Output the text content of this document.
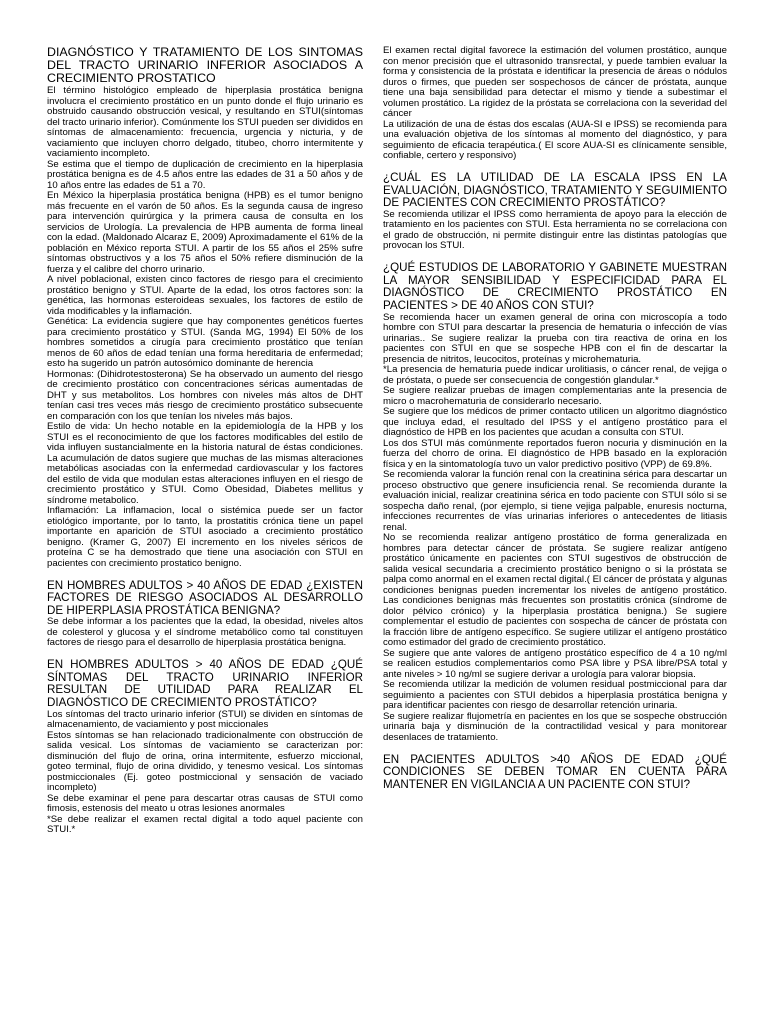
DIAGNÓSTICO Y TRATAMIENTO DE LOS SINTOMAS DEL TRACTO URINARIO INFERIOR ASOCIADOS A CRECIMIENTO PROSTATICO

El término histológico empleado de hiperplasia prostática benigna involucra el crecimiento prostático en un punto donde el flujo urinario es obstruido causando obstrucción vesical, y resultando en STUI(síntomas del tracto urinario inferior). Comúnmente los STUI pueden ser divididos en síntomas de almacenamiento: frecuencia, urgencia y nicturia, y de vaciamiento que incluyen chorro delgado, titubeo, chorro intermitente y vaciamiento incompleto.

Se estima que el tiempo de duplicación de crecimiento en la hiperplasia prostática benigna es de 4.5 años entre las edades de 31 a 50 años y de 10 años entre las edades de 51 a 70.

En México la hiperplasia prostática benigna (HPB) es el tumor benigno más frecuente en el varón de 50 años. Es la segunda causa de ingreso para intervención quirúrgica y la primera causa de consulta en los servicios de Urología. La prevalencia de HPB aumenta de forma lineal con la edad. (Maldonado Alcaraz E, 2009) Aproximadamente el 61% de la población en México reporta STUI. A partir de los 55 años el 25% sufre síntomas obstructivos y a los 75 años el 50% refiere disminución de la fuerza y el calibre del chorro urinario.

A nivel poblacional, existen cinco factores de riesgo para el crecimiento prostático benigno y STUI. Aparte de la edad, los otros factores son: la genética, las hormonas esteroideas sexuales, los factores de estilo de vida modificables y la inflamación.

Genética: La evidencia sugiere que hay componentes genéticos fuertes para crecimiento prostático y STUI. (Sanda MG, 1994) El 50% de los hombres sometidos a cirugía para crecimiento prostático que tenían menos de 60 años de edad tenían una forma hereditaria de enfermedad; esto ha sugerido un patrón autosómico dominante de herencia

Hormonas: (Dihidrotestosterona) Se ha observado un aumento del riesgo de crecimiento prostático con concentraciones séricas aumentadas de DHT y sus metabolitos. Los hombres con niveles más altos de DHT tenían casi tres veces más riesgo de crecimiento prostático subsecuente en comparación con los que tenían los niveles más bajos.

Estilo de vida: Un hecho notable en la epidemiología de la HPB y los STUI es el reconocimiento de que los factores modificables del estilo de vida influyen sustancialmente en la historia natural de éstas condiciones. La acumulación de datos sugiere que muchas de las mismas alteraciones metabólicas asociadas con la enfermedad cardiovascular y los factores del estilo de vida que modulan estas alteraciones influyen en el riesgo de crecimiento prostático y STUI. Como Obesidad, Diabetes mellitus y síndrome metabolico.

Inflamación: La inflamacion, local o sistémica puede ser un factor etiológico importante, por lo tanto, la prostatitis crónica tiene un papel importante en aparición de STUI asociado a crecimiento prostático benigno. (Kramer G, 2007) El incremento en los niveles séricos de proteína C se ha demostrado que tiene una asociación con STUI en pacientes con crecimiento prostatico benigno.

EN HOMBRES ADULTOS > 40 AÑOS DE EDAD ¿EXISTEN FACTORES DE RIESGO ASOCIADOS AL DESARROLLO DE HIPERPLASIA PROSTÁTICA BENIGNA?

Se debe informar a los pacientes que la edad, la obesidad, niveles altos de colesterol y glucosa y el síndrome metabólico como tal constituyen factores de riesgo para el desarrollo de hiperplasia prostática benigna.

EN HOMBRES ADULTOS > 40 AÑOS DE EDAD ¿QUÉ SÍNTOMAS DEL TRACTO URINARIO INFERIOR RESULTAN DE UTILIDAD PARA REALIZAR EL DIAGNÓSTICO DE CRECIMIENTO PROSTÁTICO?

Los síntomas del tracto urinario inferior (STUI) se dividen en síntomas de almacenamiento, de vaciamiento y post miccionales

Estos síntomas se han relacionado tradicionalmente con obstrucción de salida vesical. Los síntomas de vaciamiento se caracterizan por: disminución del flujo de orina, orina intermitente, esfuerzo miccional, goteo terminal, flujo de orina dividido, y tenesmo vesical. Los síntomas postmiccionales (Ej. goteo postmiccional y sensación de vaciado incompleto)

Se debe examinar el pene para descartar otras causas de STUI como fimosis, estenosis del meato u otras lesiones anormales

*Se debe realizar el examen rectal digital a todo aquel paciente con STUI.*

El examen rectal digital favorece la estimación del volumen prostático, aunque con menor precisión que el ultrasonido transrectal, y puede tambien evaluar la forma y consistencia de la próstata e identificar la presencia de áreas o nódulos duros o firmes, que pueden ser sospechosos de cáncer de próstata, aunque tiene una baja sensibilidad para detectar el mismo y tiende a subestimar el volumen prostático. La rigidez de la próstata se correlaciona con la severidad del cáncer

La utilización de una de éstas dos escalas (AUA-SI e IPSS) se recomienda para una evaluación objetiva de los síntomas al momento del diagnóstico, y para seguimiento de eficacia terapéutica.( El score AUA-SI es clínicamente sensible, confiable, certero y responsivo)

¿CUÁL ES LA UTILIDAD DE LA ESCALA IPSS EN LA EVALUACIÓN, DIAGNÓSTICO, TRATAMIENTO Y SEGUIMIENTO DE PACIENTES CON CRECIMIENTO PROSTÁTICO?

Se recomienda utilizar el IPSS como herramienta de apoyo para la elección de tratamiento en los pacientes con STUI. Esta herramienta no se correlaciona con el grado de obstrucción, ni permite distinguir entre las distintas patologías que provocan los STUI.

¿QUÉ ESTUDIOS DE LABORATORIO Y GABINETE MUESTRAN LA MAYOR SENSIBILIDAD Y ESPECIFICIDAD PARA EL DIAGNÓSTICO DE CRECIMIENTO PROSTÁTICO EN PACIENTES > DE 40 AÑOS CON STUI?

Se recomienda hacer un examen general de orina con microscopía a todo hombre con STUI para descartar la presencia de hematuria o infección de vías urinarias.. Se sugiere realizar la prueba con tira reactiva de orina en los pacientes con STUI en que se sospeche HPB con el fin de descartar la presencia de nitritos, leucocitos, proteínas y microhematuria.

*La presencia de hematuria puede indicar urolitiasis, o cáncer renal, de vejiga o de próstata, o puede ser consecuencia de congestión glandular.*

Se sugiere realizar pruebas de imagen complementarias ante la presencia de micro o macrohematuria de considerarlo necesario.

Se sugiere que los médicos de primer contacto utilicen un algoritmo diagnóstico que incluya edad, el resultado del IPSS y el antígeno prostático para el diagnóstico de HPB en los pacientes que acudan a consulta con STUI.

Los dos STUI más comúnmente reportados fueron nocuria y disminución en la fuerza del chorro de orina. El diagnóstico de HPB basado en la exploración física y en la sintomatología tuvo un valor predictivo positivo (VPP) de 69.8%.

Se recomienda valorar la función renal con la creatinina sérica para descartar un proceso obstructivo que genere insuficiencia renal. Se recomienda durante la evaluación inicial, realizar creatinina sérica en todo paciente con STUI sólo si se sospecha daño renal, (por ejemplo, si tiene vejiga palpable, enuresis nocturna, infecciones recurrentes de vías urinarias inferiores o antecedentes de litiasis renal.

No se recomienda realizar antígeno prostático de forma generalizada en hombres para detectar cáncer de próstata. Se sugiere realizar antígeno prostático únicamente en pacientes con STUI sugestivos de obstrucción de salida vesical secundaria a crecimiento prostático benigno o si la próstata se palpa como anormal en el examen rectal digital.( El cáncer de próstata y algunas condiciones benignas pueden incrementar los niveles de antígeno prostático. Las condiciones benignas más frecuentes son prostatitis crónica (síndrome de dolor pélvico crónico) y la hiperplasia prostática benigna.) Se sugiere complementar el estudio de pacientes con sospecha de cáncer de próstata con la fracción libre de antígeno específico. Se sugiere utilizar el antígeno prostático como estimador del grado de crecimiento prostático.

Se sugiere que ante valores de antígeno prostático específico de 4 a 10 ng/ml se realicen estudios complementarios como PSA libre y PSA libre/PSA total y ante niveles > 10 ng/ml se sugiere derivar a urología para valorar biopsia.

Se recomienda utilizar la medición de volumen residual postmiccional para dar seguimiento a pacientes con STUI debidos a hiperplasia prostática benigna y para identificar pacientes con riesgo de desarrollar retención urinaria.

Se sugiere realizar flujometría en pacientes en los que se sospeche obstrucción urinaria baja y disminución de la contractilidad vesical y para monitorear desenlaces de tratamiento.

EN PACIENTES ADULTOS >40 AÑOS DE EDAD ¿QUÉ CONDICIONES SE DEBEN TOMAR EN CUENTA PARA MANTENER EN VIGILANCIA A UN PACIENTE CON STUI?
